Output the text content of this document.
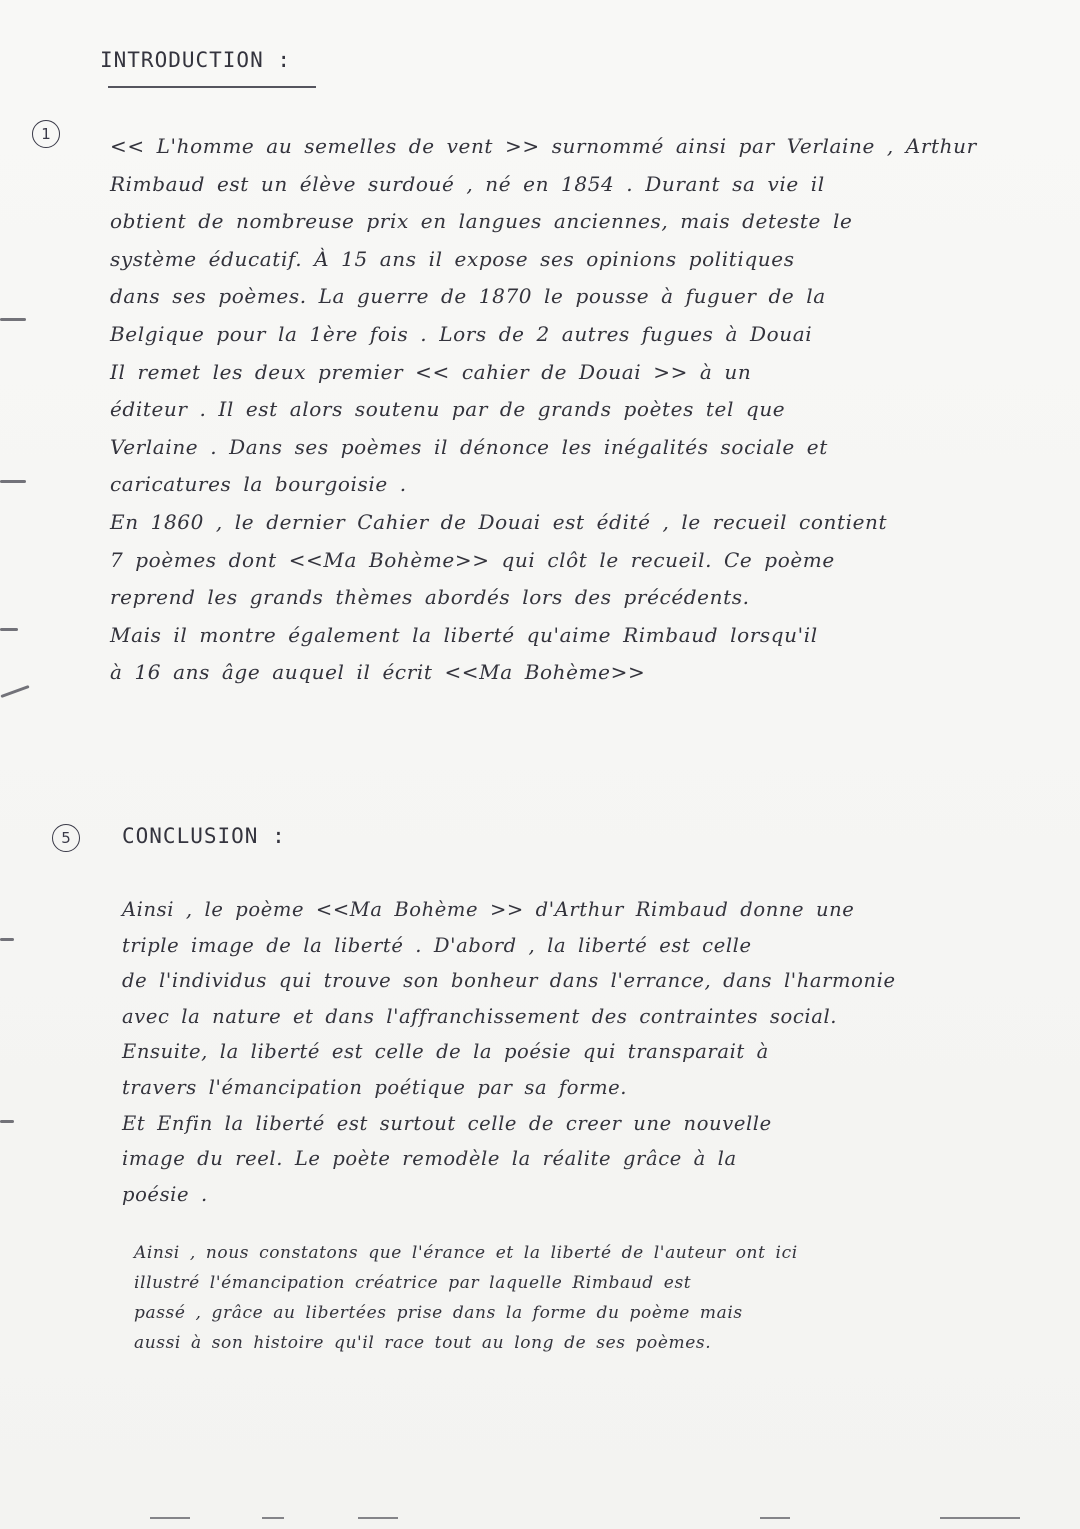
INTRODUCTION :
1	<< L'homme au semelles de vent >> surnommé ainsi par Verlaine , Arthur
Rimbaud est un élève surdoué , né en 1854 . Durant sa vie il
obtient de nombreuse prix en langues anciennes, mais deteste le
système éducatif. À 15 ans il expose ses opinions politiques
dans ses poèmes. La guerre de 1870 le pousse à fuguer de la
Belgique pour la 1ère fois . Lors de 2 autres fugues à Douai
Il remet les deux premier << cahier de Douai >> à un
éditeur . Il est alors soutenu par de grands poètes tel que
Verlaine . Dans ses poèmes il dénonce les inégalités sociale et
caricatures la bourgoisie .
En 1860 , le dernier Cahier de Douai est édité , le recueil contient
7 poèmes dont <<Ma Bohème>> qui clôt le recueil. Ce poème
reprend les grands thèmes abordés lors des précédents.
Mais il montre également la liberté qu'aime Rimbaud lorsqu'il
à 16 ans âge auquel il écrit <<Ma Bohème>>
5	CONCLUSION :
Ainsi , le poème <<Ma Bohème >> d'Arthur Rimbaud donne une
triple image de la liberté . D'abord , la liberté est celle
de l'individus qui trouve son bonheur dans l'errance, dans l'harmonie
avec la nature et dans l'affranchissement des contraintes social.
Ensuite, la liberté est celle de la poésie qui transparait à
travers l'émancipation poétique par sa forme.
Et Enfin la liberté est surtout celle de creer une nouvelle
image du reel. Le poète remodèle la réalite grâce à la
poésie .
Ainsi , nous constatons que l'érance et la liberté de l'auteur ont ici
illustré l'émancipation créatrice par laquelle Rimbaud est
passé , grâce au libertées prise dans la forme du poème mais
aussi à son histoire qu'il race tout au long de ses poèmes.
